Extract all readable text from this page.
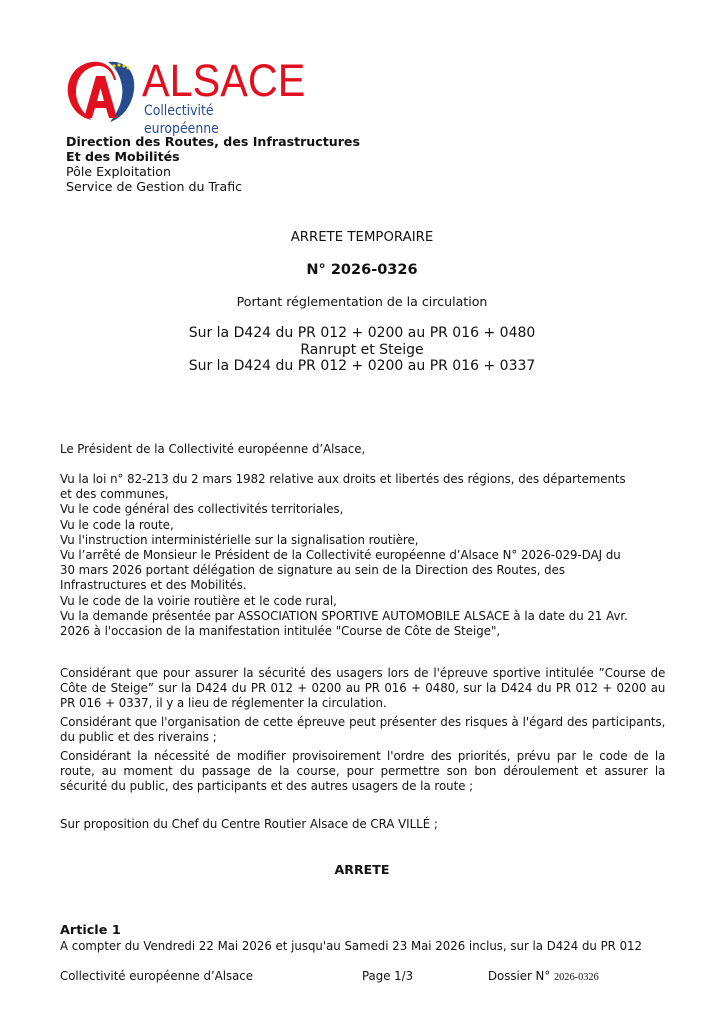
ALSACE
Collectivité européenne
Direction des Routes, des Infrastructures
Et des Mobilités
Pôle Exploitation
Service de Gestion du Trafic
ARRETE TEMPORAIRE
N° 2026-0326
Portant réglementation de la circulation
Sur la D424 du PR 012 + 0200 au PR 016 + 0480
Ranrupt et Steige
Sur la D424 du PR 012 + 0200 au PR 016 + 0337
Le Président de la Collectivité européenne d’Alsace,
Vu la loi n° 82-213 du 2 mars 1982 relative aux droits et libertés des régions, des départements
et des communes,
Vu le code général des collectivités territoriales,
Vu le code la route,
Vu l'instruction interministérielle sur la signalisation routière,
Vu l’arrêté de Monsieur le Président de la Collectivité européenne d’Alsace N° 2026-029-DAJ du
30 mars 2026 portant délégation de signature au sein de la Direction des Routes, des
Infrastructures et des Mobilités.
Vu le code de la voirie routière et le code rural,
Vu la demande présentée par ASSOCIATION SPORTIVE AUTOMOBILE ALSACE à la date du 21 Avr.
2026 à l'occasion de la manifestation intitulée "Course de Côte de Steige",
Considérant que pour assurer la sécurité des usagers lors de l'épreuve sportive intitulée ”Course de Côte de Steige” sur la D424 du PR 012 + 0200 au PR 016 + 0480, sur la D424 du PR 012 + 0200 au PR 016 + 0337, il y a lieu de réglementer la circulation.
Considérant que l'organisation de cette épreuve peut présenter des risques à l'égard des participants, du public et des riverains ;
Considérant la nécessité de modifier provisoirement l'ordre des priorités, prévu par le code de la route, au moment du passage de la course, pour permettre son bon déroulement et assurer la sécurité du public, des participants et des autres usagers de la route ;
Sur proposition du Chef du Centre Routier Alsace de CRA VILLÉ ;
ARRETE
Article 1
A compter du Vendredi 22 Mai 2026 et jusqu'au Samedi 23 Mai 2026 inclus, sur la D424 du PR 012
Collectivité européenne d’Alsace	Page 1/3	Dossier N° 2026-0326
